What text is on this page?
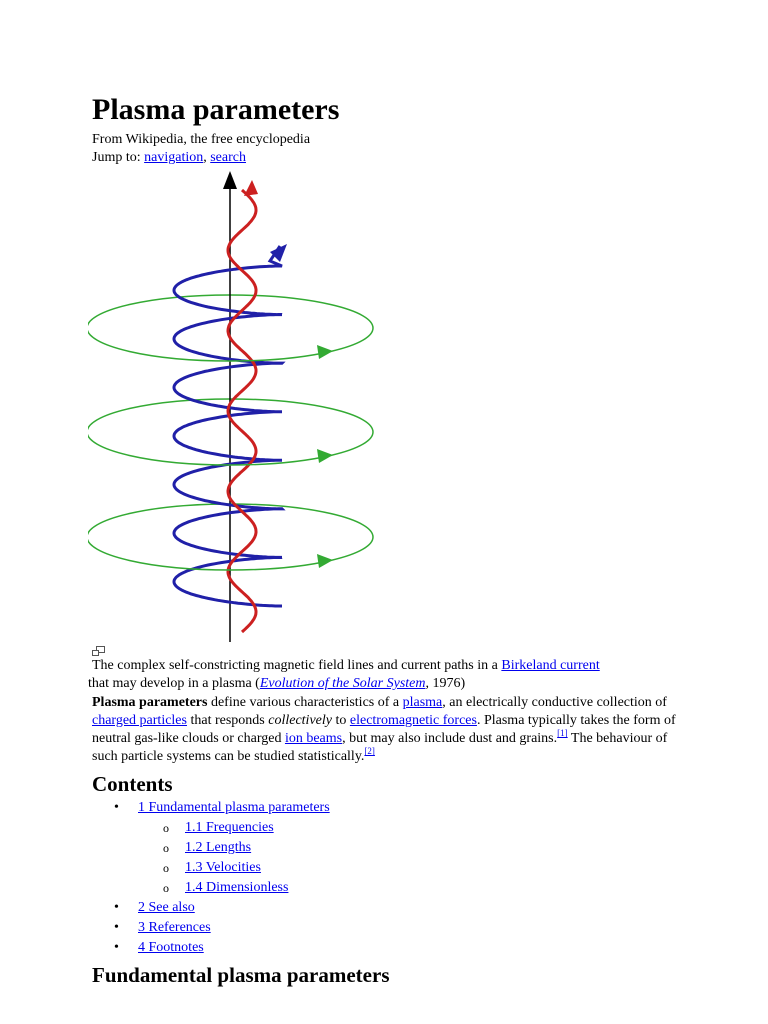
Plasma parameters
From Wikipedia, the free encyclopedia
Jump to: navigation, search
The complex self-constricting magnetic field lines and current paths in a Birkeland current
that may develop in a plasma (Evolution of the Solar System, 1976)
Plasma parameters define various characteristics of a plasma, an electrically conductive collection of charged particles that responds collectively to electromagnetic forces. Plasma typically takes the form of neutral gas-like clouds or charged ion beams, but may also include dust and grains.[1] The behaviour of such particle systems can be studied statistically.[2]
Contents
• 1 Fundamental plasma parameters
o 1.1 Frequencies
o 1.2 Lengths
o 1.3 Velocities
o 1.4 Dimensionless
• 2 See also
• 3 References
• 4 Footnotes
Fundamental plasma parameters
